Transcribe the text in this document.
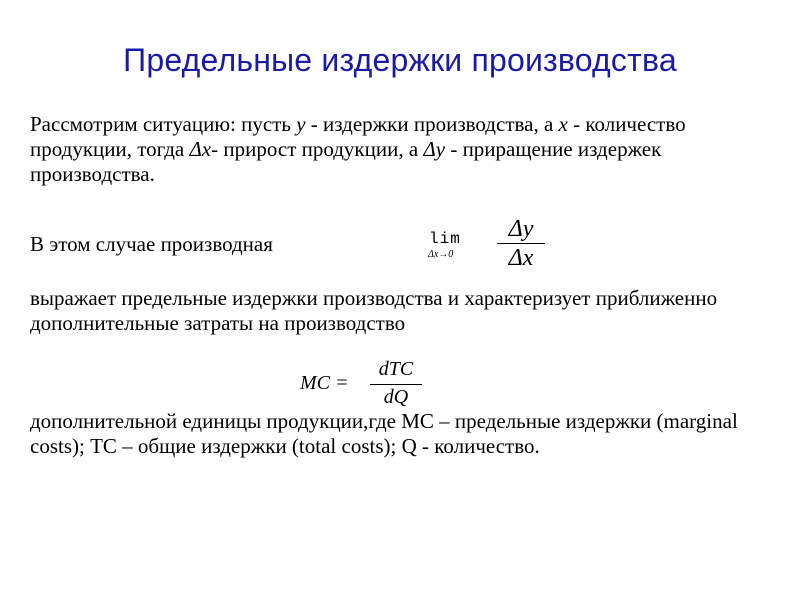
Предельные издержки производства
Рассмотрим ситуацию: пусть у - издержки производства, а х - количество продукции, тогда Δх- прирост продукции, а Δу - приращение издержек производства.
В этом случае производная	lim
Δx→0
Δy
Δx
выражает предельные издержки производства и характеризует приближенно дополнительные затраты на производство
MC =
dTC
dQ
дополнительной единицы продукции,где МС – предельные издержки (marginal costs); ТС – общие издержки (total costs); Q - количество.
